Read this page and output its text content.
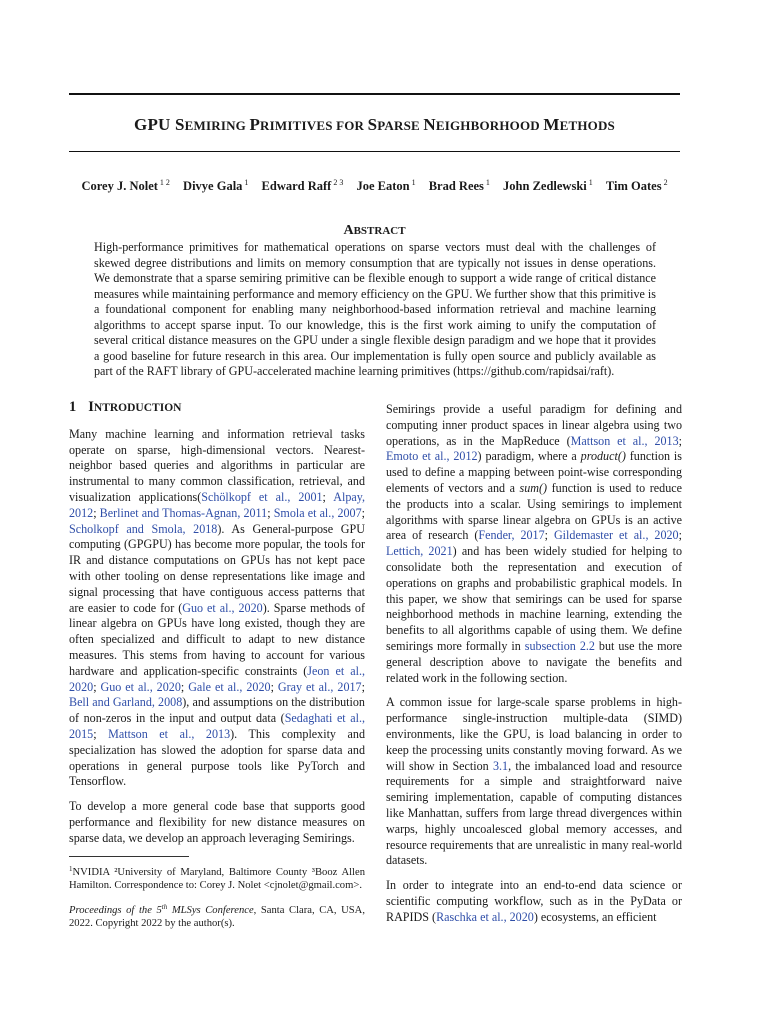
GPU SEMIRING PRIMITIVES FOR SPARSE NEIGHBORHOOD METHODS
Corey J. Nolet $^{1 2}$ Divye Gala $^1$ Edward Raff $^{2 3}$ Joe Eaton $^1$ Brad Rees $^1$ John Zedlewski $^1$ Tim Oates $^2$
ABSTRACT

High-performance primitives for mathematical operations on sparse vectors must deal with the challenges of skewed degree distributions and limits on memory consumption that are typically not issues in dense operations. We demonstrate that a sparse semiring primitive can be flexible enough to support a wide range of critical distance measures while maintaining performance and memory efficiency on the GPU. We further show that this primitive is a foundational component for enabling many neighborhood-based information retrieval and machine learning algorithms to accept sparse input. To our knowledge, this is the first work aiming to unify the computation of several critical distance measures on the GPU under a single flexible design paradigm and we hope that it provides a good baseline for future research in this area. Our implementation is fully open source and publicly available as part of the RAFT library of GPU-accelerated machine learning primitives (https://github.com/rapidsai/raft).

1 INTRODUCTION

Many machine learning and information retrieval tasks operate on sparse, high-dimensional vectors. Nearest-neighbor based queries and algorithms in particular are instrumental to many common classification, retrieval, and visualization applications(Schölkopf et al., 2001; Alpay, 2012; Berlinet and Thomas-Agnan, 2011; Smola et al., 2007; Scholkopf and Smola, 2018). As General-purpose GPU computing (GPGPU) has become more popular, the tools for IR and distance computations on GPUs has not kept pace with other tooling on dense representations like image and signal processing that have contiguous access patterns that are easier to code for (Guo et al., 2020). Sparse methods of linear algebra on GPUs have long existed, though they are often specialized and difficult to adapt to new distance measures. This stems from having to account for various hardware and application-specific constraints (Jeon et al., 2020; Guo et al., 2020; Gale et al., 2020; Gray et al., 2017; Bell and Garland, 2008), and assumptions on the distribution of non-zeros in the input and output data (Sedaghati et al., 2015; Mattson et al., 2013). This complexity and specialization has slowed the adoption for sparse data and operations in general purpose tools like PyTorch and Tensorflow.

To develop a more general code base that supports good performance and flexibility for new distance measures on sparse data, we develop an approach leveraging Semirings.

$^1$NVIDIA ²University of Maryland, Baltimore County ³Booz Allen Hamilton. Correspondence to: Corey J. Nolet <cjnolet@gmail.com>.

Proceedings of the 5th MLSys Conference, Santa Clara, CA, USA, 2022. Copyright 2022 by the author(s).

Semirings provide a useful paradigm for defining and computing inner product spaces in linear algebra using two operations, as in the MapReduce (Mattson et al., 2013; Emoto et al., 2012) paradigm, where a product() function is used to define a mapping between point-wise corresponding elements of vectors and a sum() function is used to reduce the products into a scalar. Using semirings to implement algorithms with sparse linear algebra on GPUs is an active area of research (Fender, 2017; Gildemaster et al., 2020; Lettich, 2021) and has been widely studied for helping to consolidate both the representation and execution of operations on graphs and probabilistic graphical models. In this paper, we show that semirings can be used for sparse neighborhood methods in machine learning, extending the benefits to all algorithms capable of using them. We define semirings more formally in subsection 2.2 but use the more general description above to navigate the benefits and related work in the following section.

A common issue for large-scale sparse problems in high-performance single-instruction multiple-data (SIMD) environments, like the GPU, is load balancing in order to keep the processing units constantly moving forward. As we will show in Section 3.1, the imbalanced load and resource requirements for a simple and straightforward naive semiring implementation, capable of computing distances like Manhattan, suffers from large thread divergences within warps, highly uncoalesced global memory accesses, and resource requirements that are unrealistic in many real-world datasets.

In order to integrate into an end-to-end data science or scientific computing workflow, such as in the PyData or RAPIDS (Raschka et al., 2020) ecosystems, an efficient
